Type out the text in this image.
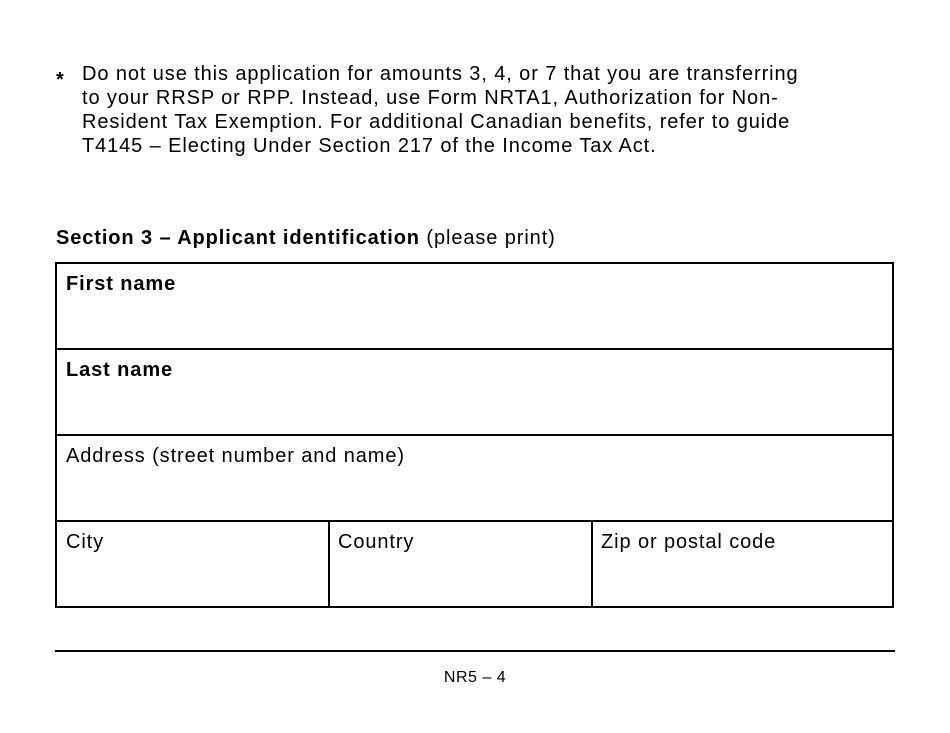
* Do not use this application for amounts 3, 4, or 7 that you are transferring to your RRSP or RPP. Instead, use Form NRTA1, Authorization for Non-Resident Tax Exemption. For additional Canadian benefits, refer to guide T4145 – Electing Under Section 217 of the Income Tax Act.
Section 3 – Applicant identification (please print)
First name
Last name
Address (street number and name)
City	Country	Zip or postal code
NR5 – 4
